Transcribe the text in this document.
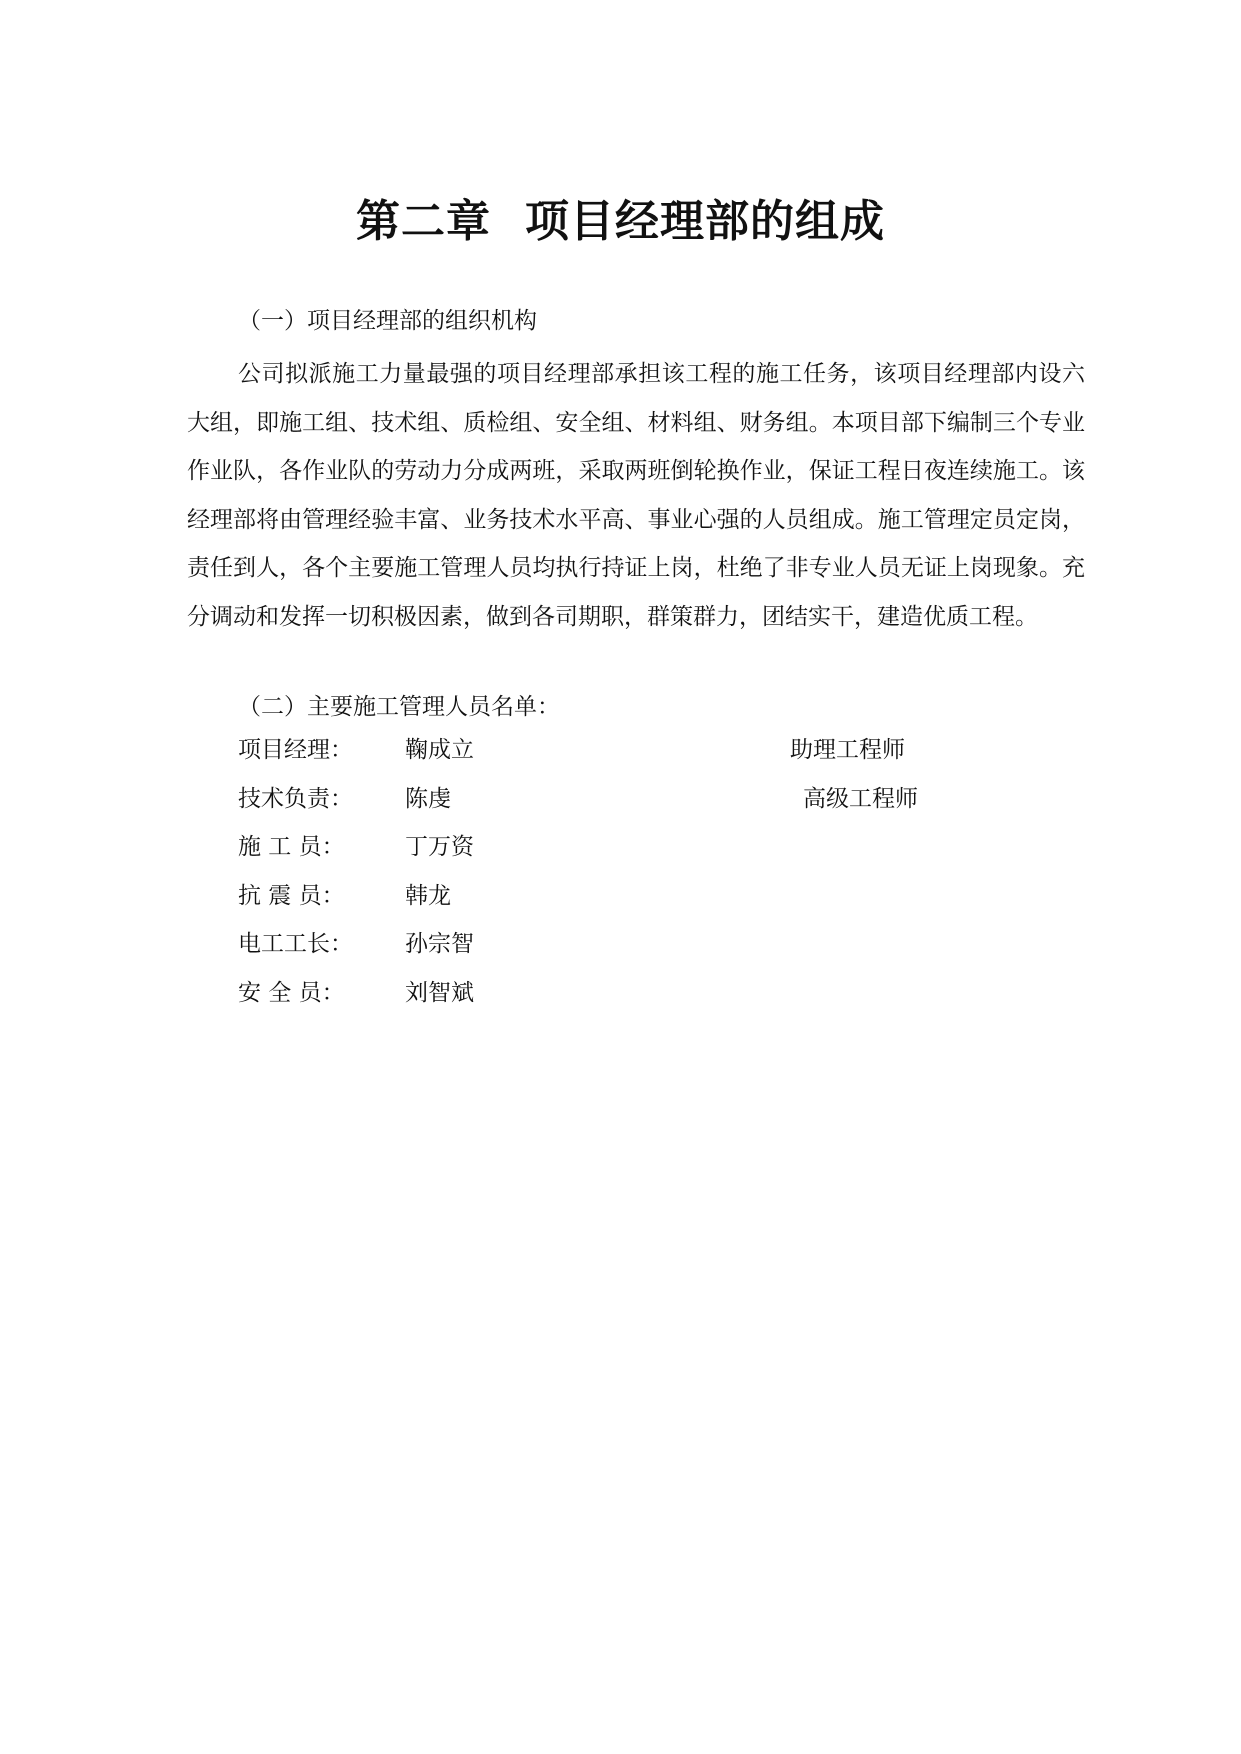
第二章 项目经理部的组成

（一）项目经理部的组织机构

公司拟派施工力量最强的项目经理部承担该工程的施工任务，该项目经理部内设六大组，即施工组、技术组、质检组、安全组、材料组、财务组。本项目部下编制三个专业作业队，各作业队的劳动力分成两班，采取两班倒轮换作业，保证工程日夜连续施工。该经理部将由管理经验丰富、业务技术水平高、事业心强的人员组成。施工管理定员定岗，责任到人，各个主要施工管理人员均执行持证上岗，杜绝了非专业人员无证上岗现象。充分调动和发挥一切积极因素，做到各司期职，群策群力，团结实干，建造优质工程。

（二）主要施工管理人员名单：

项目经理： 鞠成立	助理工程师
技术负责： 陈虔	高级工程师
施 工 员：	丁万资
抗 震 员：	韩龙
电工工长： 孙宗智
安 全 员：	刘智斌
